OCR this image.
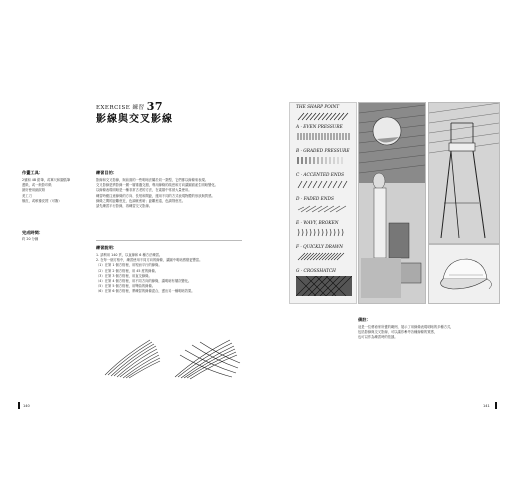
EXERCISE 練習 37
影線與交叉影線
作畫工具：
2號和 4B 鉛筆，或單尺和圓弧筆
畫紙，或一般影印紙
最好使用細紋紙
美工刀
橡皮，或軟橡皮擦（可撕）
完成時間：
約 20 分鐘
練習目的：
影線和交叉影線，與前面的一些明暗法屬於同一類型，它們都以線條來表現。
交叉影線是將影線一層一層重疊交錯，利用線條的疏密和方向讓圖面產生明暗變化。
以線條表現明暗是一種非常古老的方法，在素描中常被大量使用。
練習時應注意線條的方向、長短和間距，運用不同的方式表現物體的形狀與質感。
線條之間的距離愈近，色調就愈暗；距離愈遠，色調則愈亮。
請先練習平行影線，再練習交叉影線。
練習說明：
1. 請利用 140 頁，以直線和 6 種方法練習。
2. 在每一個方格中，練習使用不同方向的線條，讓圖中明暗感覺更豐富。
（1）在第 1 個方格裡，用短而平行的線條。
（2）在第 2 個方格裡，用 45 度的線條。
（3）在第 3 個方格裡，用直交線條。
（4）在第 4 個方格裡，用不同方向的線條，讓明暗有層次變化。
（5）在第 5 個方格裡，用彎曲的線條。
（6）在第 6 個方格裡，將練習的線條混合，畫出另一種明暗效果。
140
THE SHARP POINT
A · EVEN PRESSURE
B · GRADED PRESSURE
C · ACCENTED ENDS
D · FADED ENDS
E · WAVY, BROKEN
F · QUICKLY DRAWN
G · CROSSHATCH
備註：
這是一位藝術家所畫的範例，展示了用線條表現明暗的多種方式，
包括影線與交叉影線，可以讓你參考各種線條的質感，
也可以作為練習時的依據。
141
